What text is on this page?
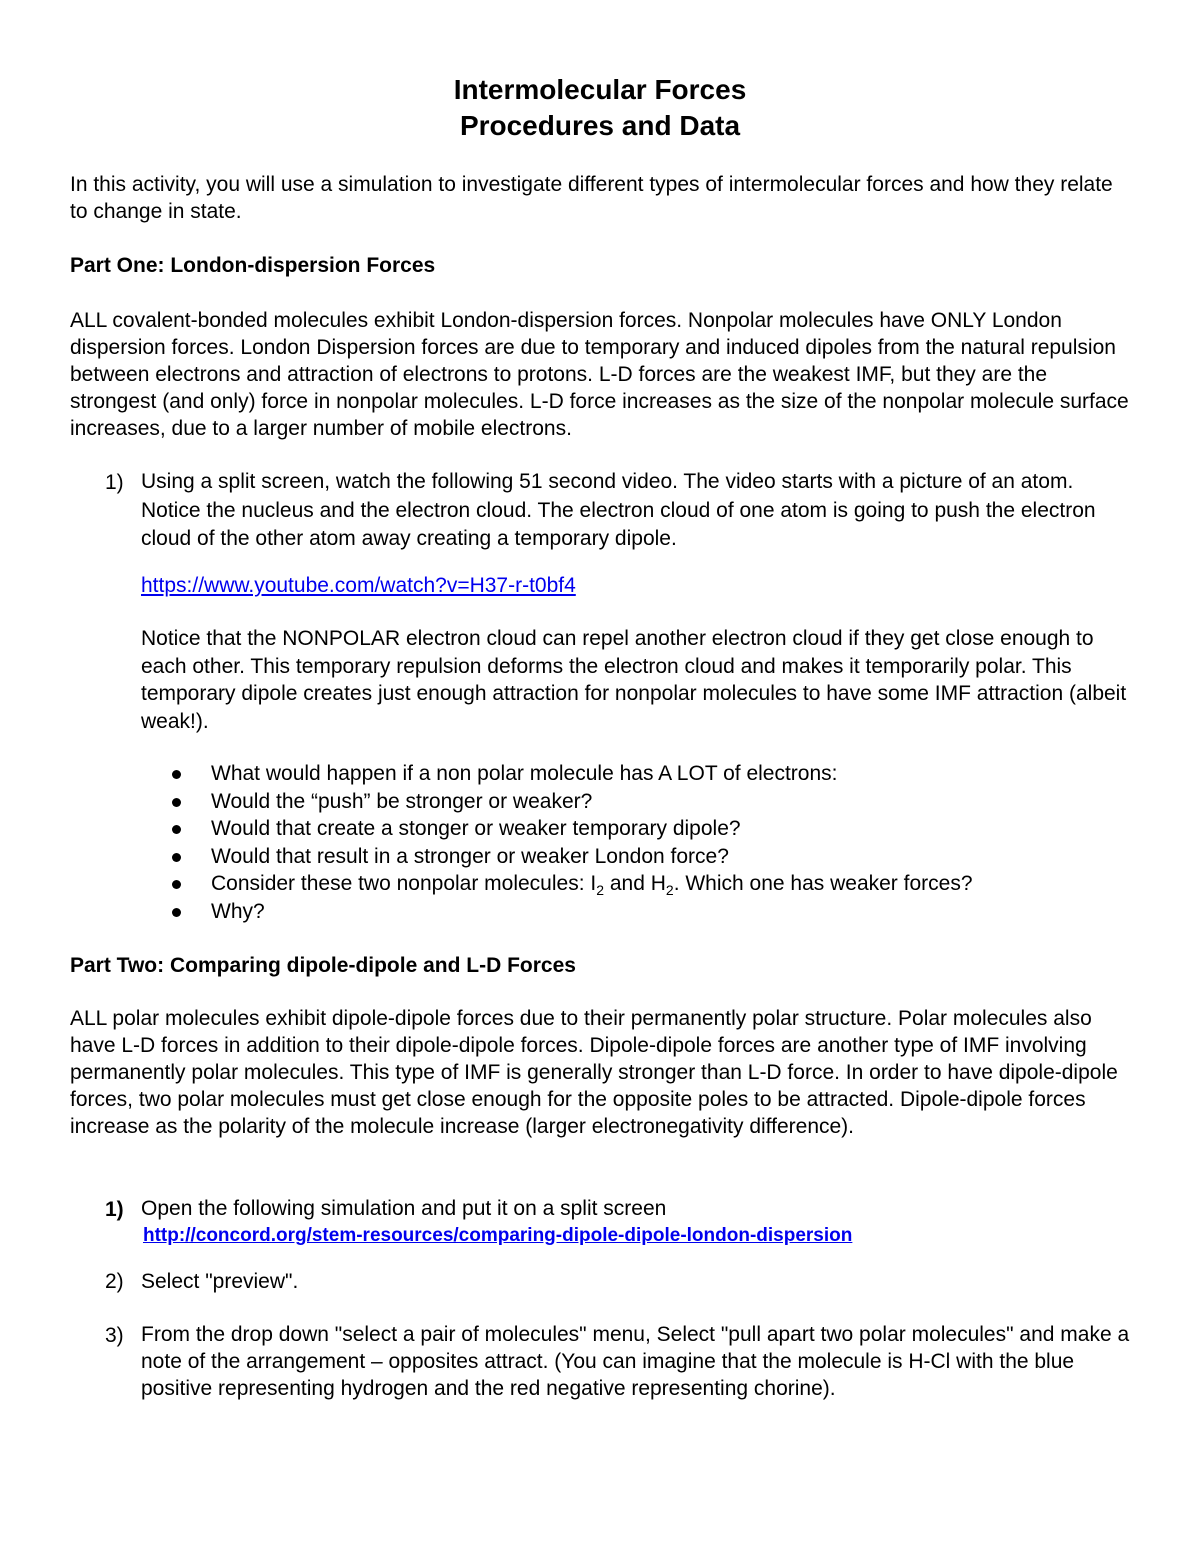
Intermolecular Forces
Procedures and Data

In this activity, you will use a simulation to investigate different types of intermolecular forces and how they relate to change in state.

Part One: London-dispersion Forces

ALL covalent-bonded molecules exhibit London-dispersion forces. Nonpolar molecules have ONLY London dispersion forces. London Dispersion forces are due to temporary and induced dipoles from the natural repulsion between electrons and attraction of electrons to protons. L-D forces are the weakest IMF, but they are the strongest (and only) force in nonpolar molecules. L-D force increases as the size of the nonpolar molecule surface increases, due to a larger number of mobile electrons.

1) Using a split screen, watch the following 51 second video. The video starts with a picture of an atom. Notice the nucleus and the electron cloud. The electron cloud of one atom is going to push the electron cloud of the other atom away creating a temporary dipole.

https://www.youtube.com/watch?v=H37-r-t0bf4

Notice that the NONPOLAR electron cloud can repel another electron cloud if they get close enough to each other. This temporary repulsion deforms the electron cloud and makes it temporarily polar. This temporary dipole creates just enough attraction for nonpolar molecules to have some IMF attraction (albeit weak!).

What would happen if a non polar molecule has A LOT of electrons:
Would the “push” be stronger or weaker?
Would that create a stonger or weaker temporary dipole?
Would that result in a stronger or weaker London force?
Consider these two nonpolar molecules: $I_2$ and $H_2$. Which one has weaker forces?
Why?

Part Two: Comparing dipole-dipole and L-D Forces

ALL polar molecules exhibit dipole-dipole forces due to their permanently polar structure. Polar molecules also have L-D forces in addition to their dipole-dipole forces. Dipole-dipole forces are another type of IMF involving permanently polar molecules. This type of IMF is generally stronger than L-D force. In order to have dipole-dipole forces, two polar molecules must get close enough for the opposite poles to be attracted. Dipole-dipole forces increase as the polarity of the molecule increase (larger electronegativity difference).

1) Open the following simulation and put it on a split screen

http://concord.org/stem-resources/comparing-dipole-dipole-london-dispersion
2) Select "preview".

3) From the drop down "select a pair of molecules" menu, Select "pull apart two polar molecules" and make a note of the arrangement – opposites attract. (You can imagine that the molecule is H-Cl with the blue positive representing hydrogen and the red negative representing chorine).
